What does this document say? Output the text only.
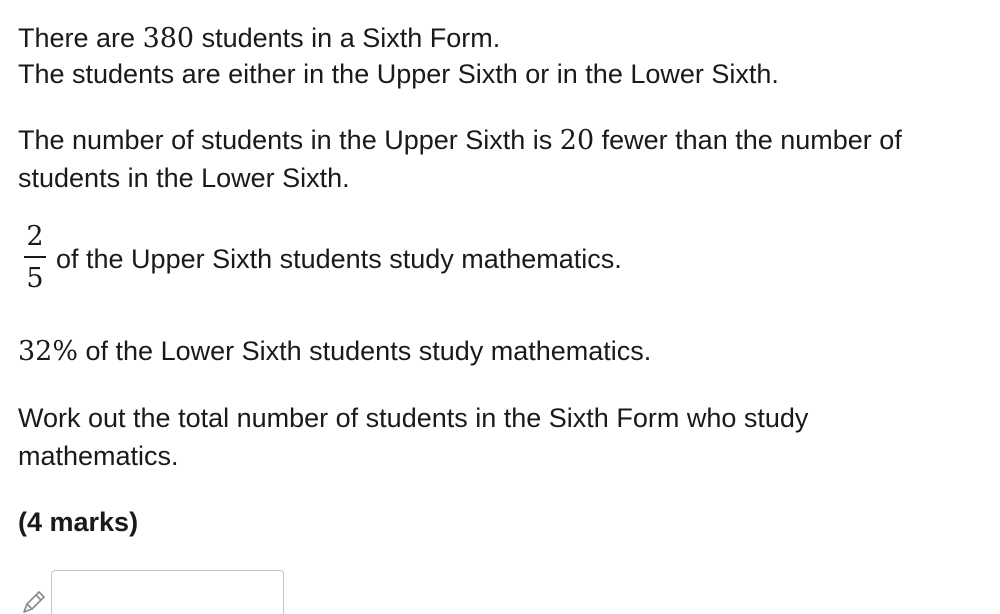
There are 380 students in a Sixth Form.
The students are either in the Upper Sixth or in the Lower Sixth.
The number of students in the Upper Sixth is 20 fewer than the number of
students in the Lower Sixth.
2
5
of the Upper Sixth students study mathematics.
32% of the Lower Sixth students study mathematics.
Work out the total number of students in the Sixth Form who study
mathematics.
(4 marks)
